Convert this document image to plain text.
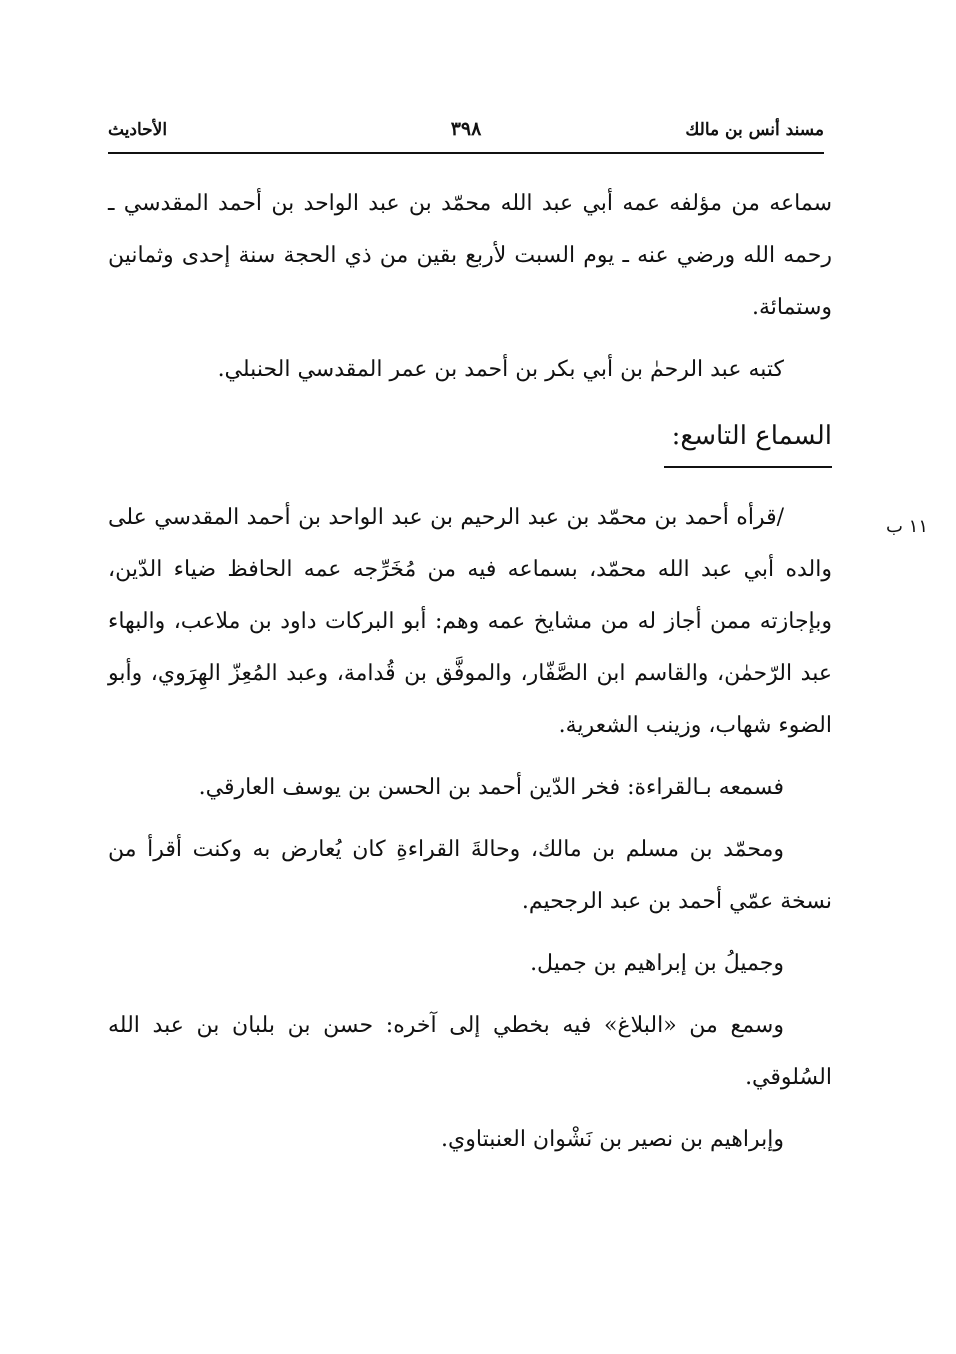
مسند أنس بن مالك
٣٩٨
الأحاديث
١١ ب

سماعه من مؤلفه عمه أبي عبد الله محمّد بن عبد الواحد بن أحمد المقدسي ـ رحمه الله ورضي عنه ـ يوم السبت لأربع بقين من ذي الحجة سنة إحدى وثمانين وستمائة.

كتبه عبد الرحمٰ بن أبي بكر بن أحمد بن عمر المقدسي الحنبلي.

السماع التاسع:

/قرأه أحمد بن محمّد بن عبد الرحيم بن عبد الواحد بن أحمد المقدسي على والده أبي عبد الله محمّد، بسماعه فيه من مُخَرِّجه عمه الحافظ ضياء الدّين، وبإجازته ممن أجاز له من مشايخ عمه وهم: أبو البركات داود بن ملاعب، والبهاء عبد الرّحمٰن، والقاسم ابن الصَّفّار، والموفَّق بن قُدامة، وعبد المُعِزّ الهِرَوي، وأبو الضوء شهاب، وزينب الشعرية.

فسمعه بـالقراءة: فخر الدّين أحمد بن الحسن بن يوسف العارقي.

ومحمّد بن مسلم بن مالك، وحالةَ القراءةِ كان يُعارض به وكنت أقرأ من نسخة عمّي أحمد بن عبد الرجحيم.

وجميلُ بن إبراهيم بن جميل.

وسمع من «البلاغ» فيه بخطي إلى آخره: حسن بن بلبان بن عبد الله السُلوقي.

وإبراهيم بن نصير بن نَشْوان العنبتاوي.
